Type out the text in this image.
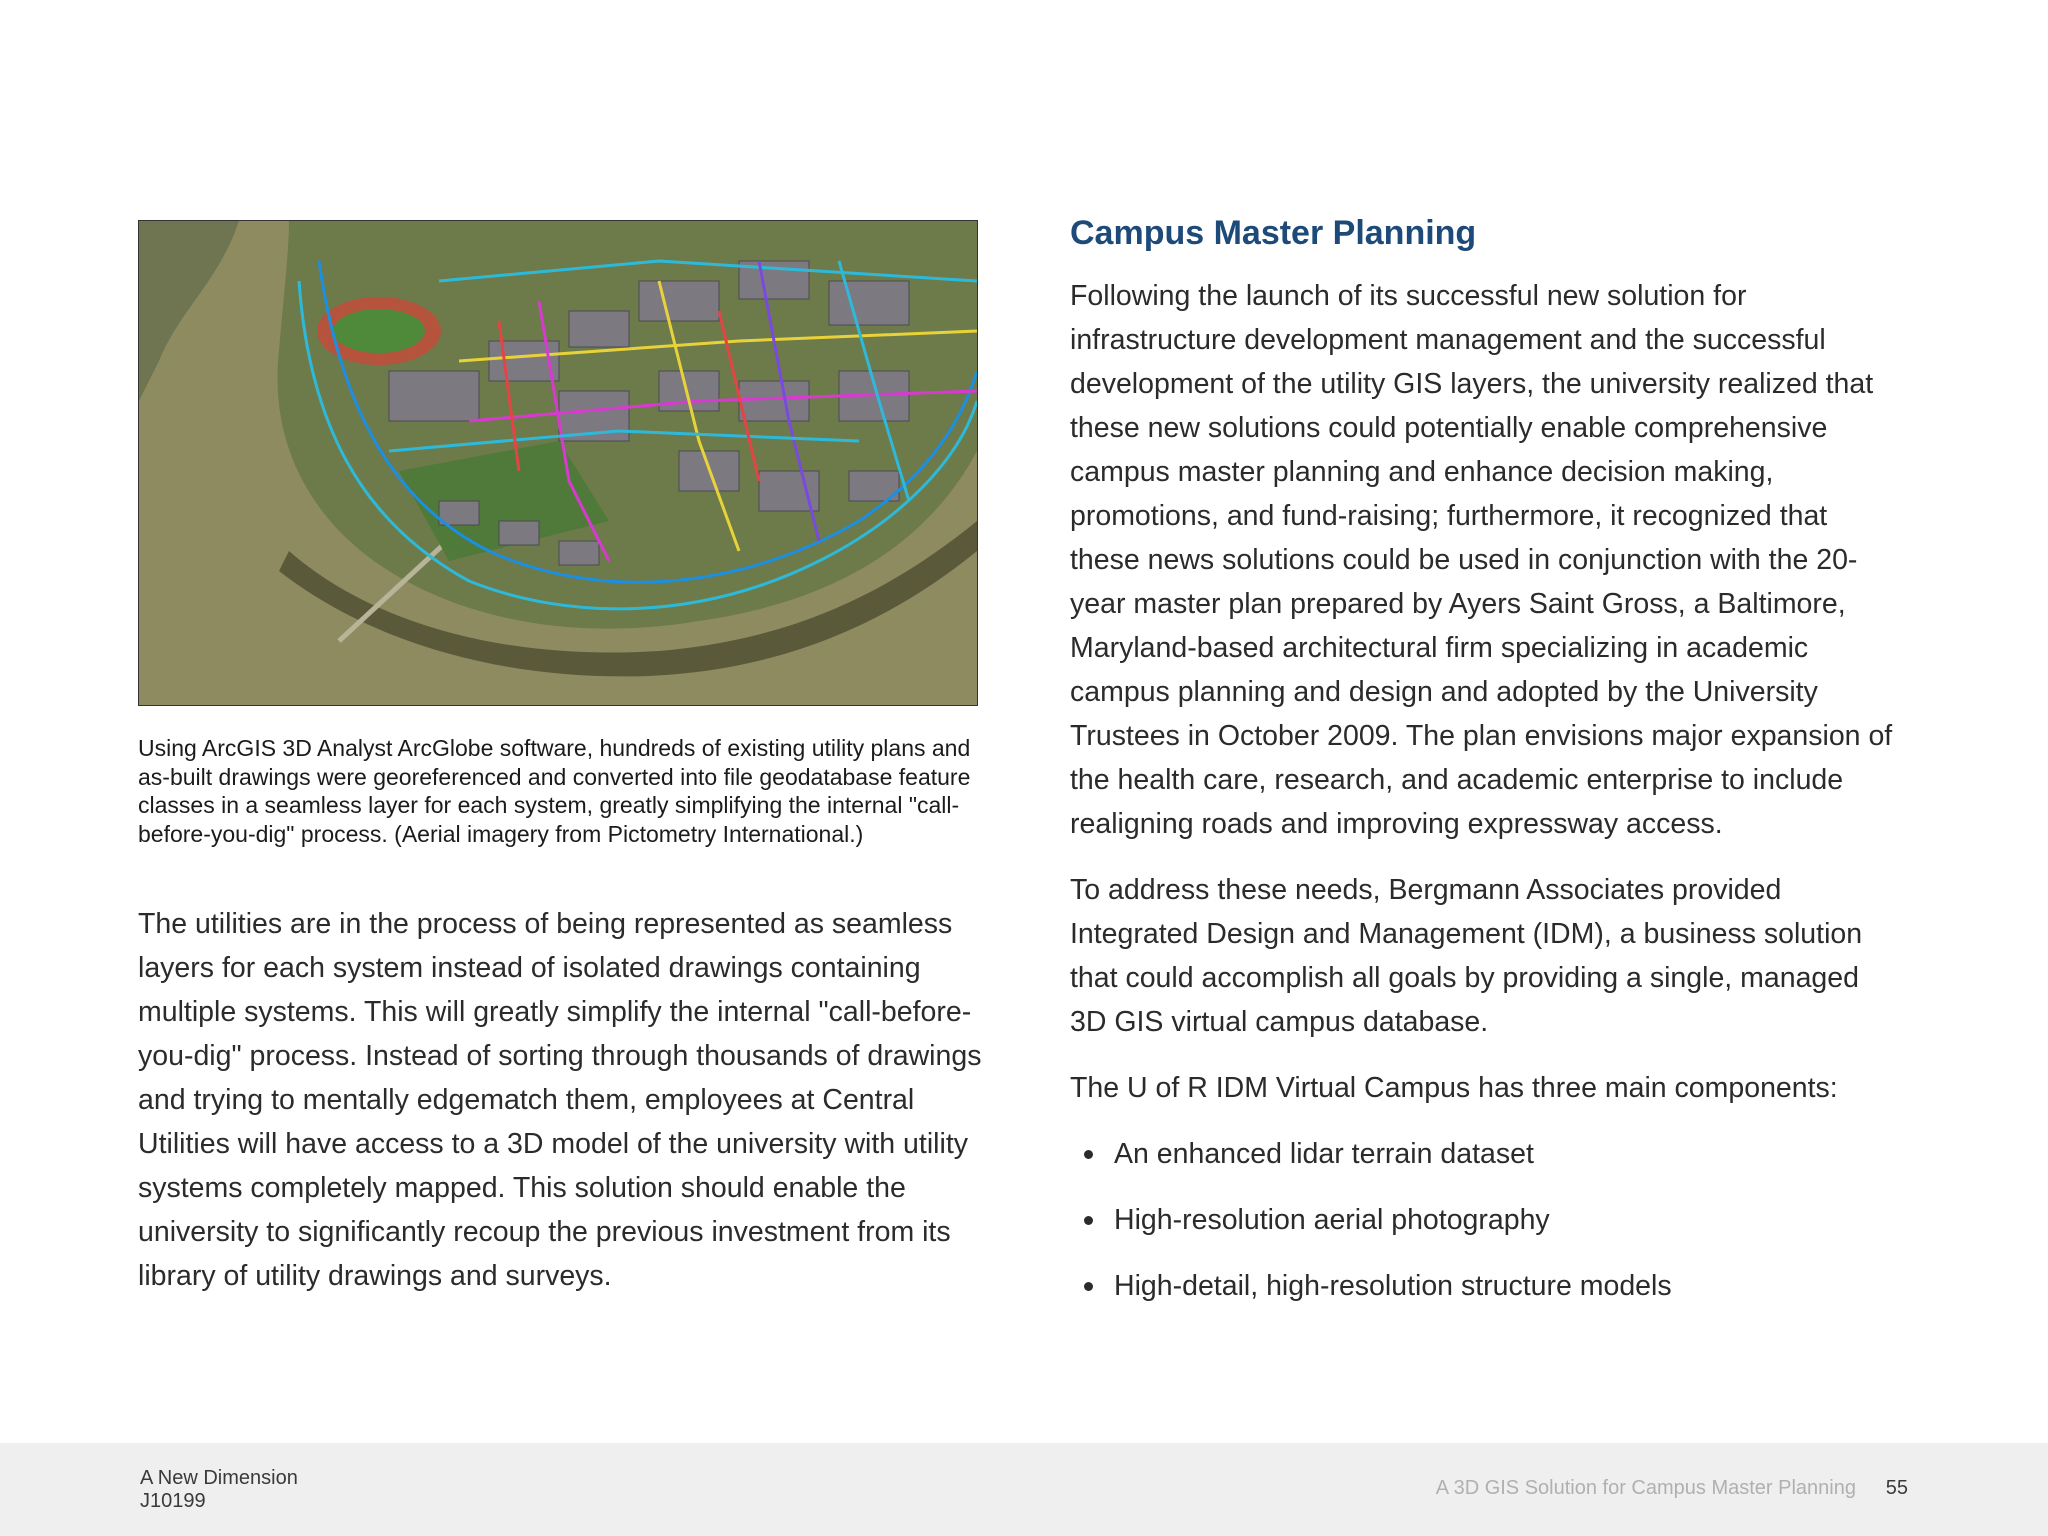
Using ArcGIS 3D Analyst ArcGlobe software, hundreds of existing utility plans and as-built drawings were georeferenced and converted into file geodatabase feature classes in a seamless layer for each system, greatly simplifying the internal "call-before-you-dig" process. (Aerial imagery from Pictometry International.)
The utilities are in the process of being represented as seamless layers for each system instead of isolated drawings containing multiple systems. This will greatly simplify the internal "call-before-you-dig" process. Instead of sorting through thousands of drawings and trying to mentally edgematch them, employees at Central Utilities will have access to a 3D model of the university with utility systems completely mapped. This solution should enable the university to significantly recoup the previous investment from its library of utility drawings and surveys.
Campus Master Planning

Following the launch of its successful new solution for infrastructure development management and the successful development of the utility GIS layers, the university realized that these new solutions could potentially enable comprehensive campus master planning and enhance decision making, promotions, and fund-raising; furthermore, it recognized that these news solutions could be used in conjunction with the 20-year master plan prepared by Ayers Saint Gross, a Baltimore, Maryland-based architectural firm specializing in academic campus planning and design and adopted by the University Trustees in October 2009. The plan envisions major expansion of the health care, research, and academic enterprise to include realigning roads and improving expressway access.

To address these needs, Bergmann Associates provided Integrated Design and Management (IDM), a business solution that could accomplish all goals by providing a single, managed 3D GIS virtual campus database.

The U of R IDM Virtual Campus has three main components:

An enhanced lidar terrain dataset
High-resolution aerial photography
High-detail, high-resolution structure models
A New Dimension
J10199
A 3D GIS Solution for Campus Master Planning 55
